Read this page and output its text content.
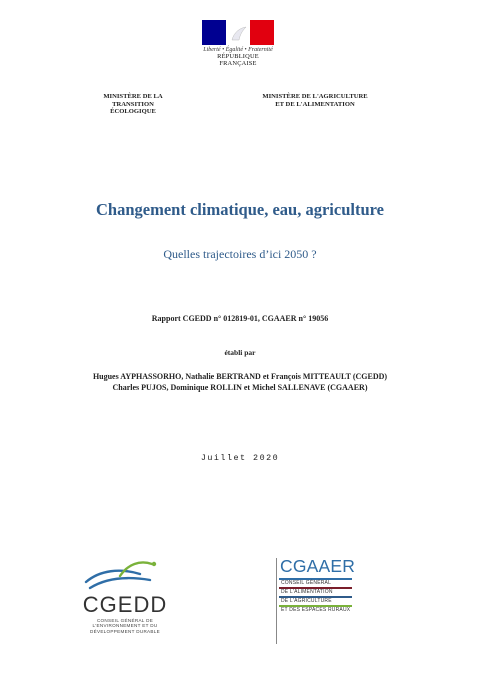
Liberté • Égalité • Fraternité
RÉPUBLIQUE FRANÇAISE
MINISTÈRE DE LA TRANSITION
ÉCOLOGIQUE
MINISTÈRE DE L'AGRICULTURE
ET DE L'ALIMENTATION
Changement climatique, eau, agriculture
Quelles trajectoires d’ici 2050 ?
Rapport CGEDD n° 012819-01, CGAAER n° 19056
établi par
Hugues AYPHASSORHO, Nathalie BERTRAND et François MITTEAULT (CGEDD)
Charles PUJOS, Dominique ROLLIN et Michel SALLENAVE (CGAAER)
Juillet 2020
CGEDD
CONSEIL GÉNÉRAL DE
L'ENVIRONNEMENT ET DU
DÉVELOPPEMENT DURABLE
CGAAER
CONSEIL GÉNÉRAL
DE L'ALIMENTATION
DE L'AGRICULTURE
ET DES ESPACES RURAUX
